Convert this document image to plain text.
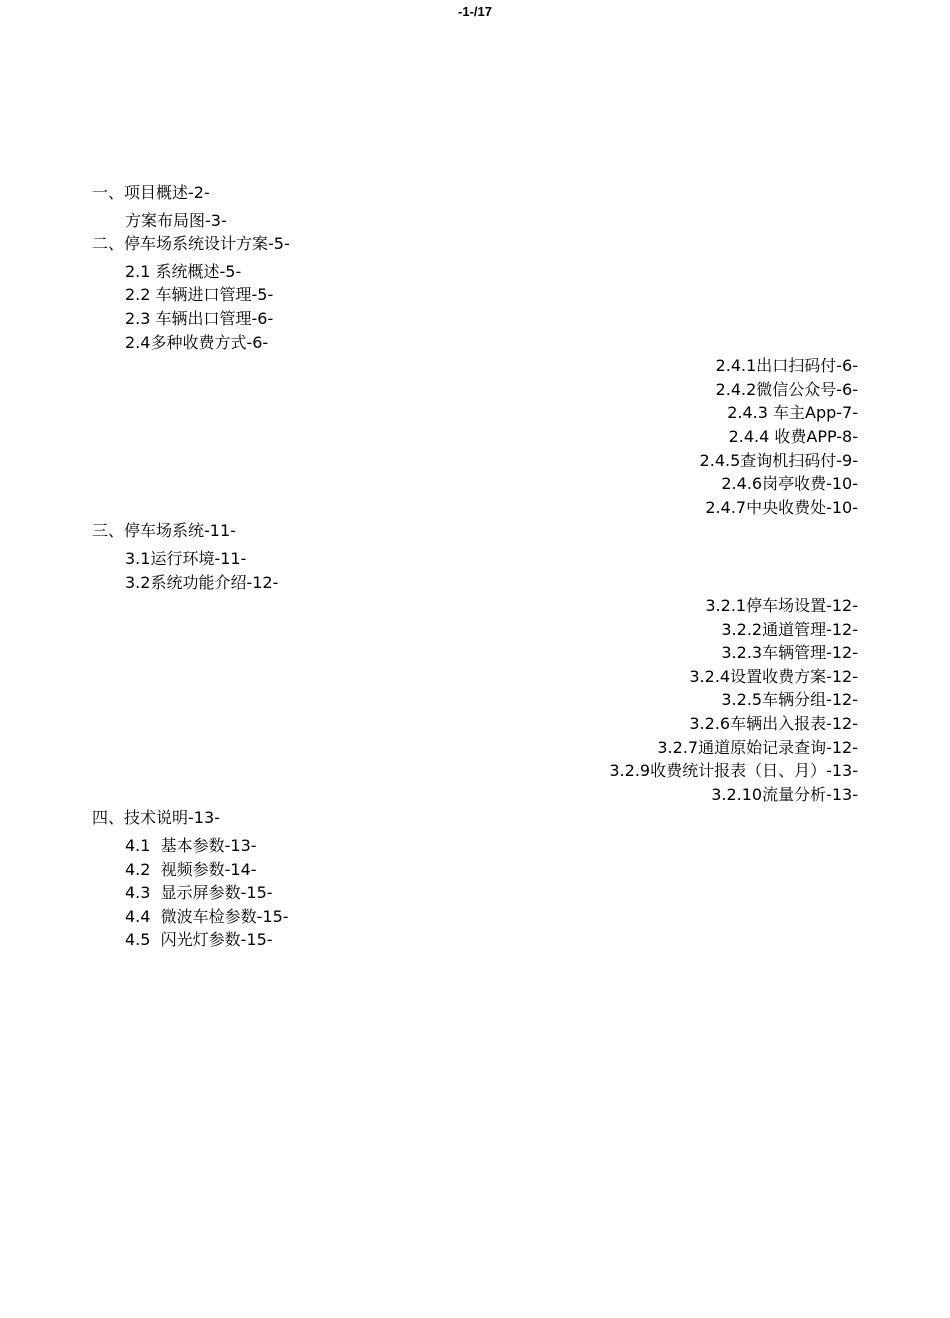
-1-/17
一、项目概述-2-
方案布局图-3-
二、停车场系统设计方案-5-
2.1 系统概述-5-
2.2 车辆进口管理-5-
2.3 车辆出口管理-6-
2.4多种收费方式-6-
2.4.1出口扫码付-6-
2.4.2微信公众号-6-
2.4.3 车主App-7-
2.4.4 收费APP-8-
2.4.5查询机扫码付-9-
2.4.6岗亭收费-10-
2.4.7中央收费处-10-
三、停车场系统-11-
3.1运行环境-11-
3.2系统功能介绍-12-
3.2.1停车场设置-12-
3.2.2通道管理-12-
3.2.3车辆管理-12-
3.2.4设置收费方案-12-
3.2.5车辆分组-12-
3.2.6车辆出入报表-12-
3.2.7通道原始记录查询-12-
3.2.9收费统计报表（日、月）-13-
3.2.10流量分析-13-
四、技术说明-13-
4.1  基本参数-13-
4.2  视频参数-14-
4.3  显示屏参数-15-
4.4  微波车检参数-15-
4.5  闪光灯参数-15-
